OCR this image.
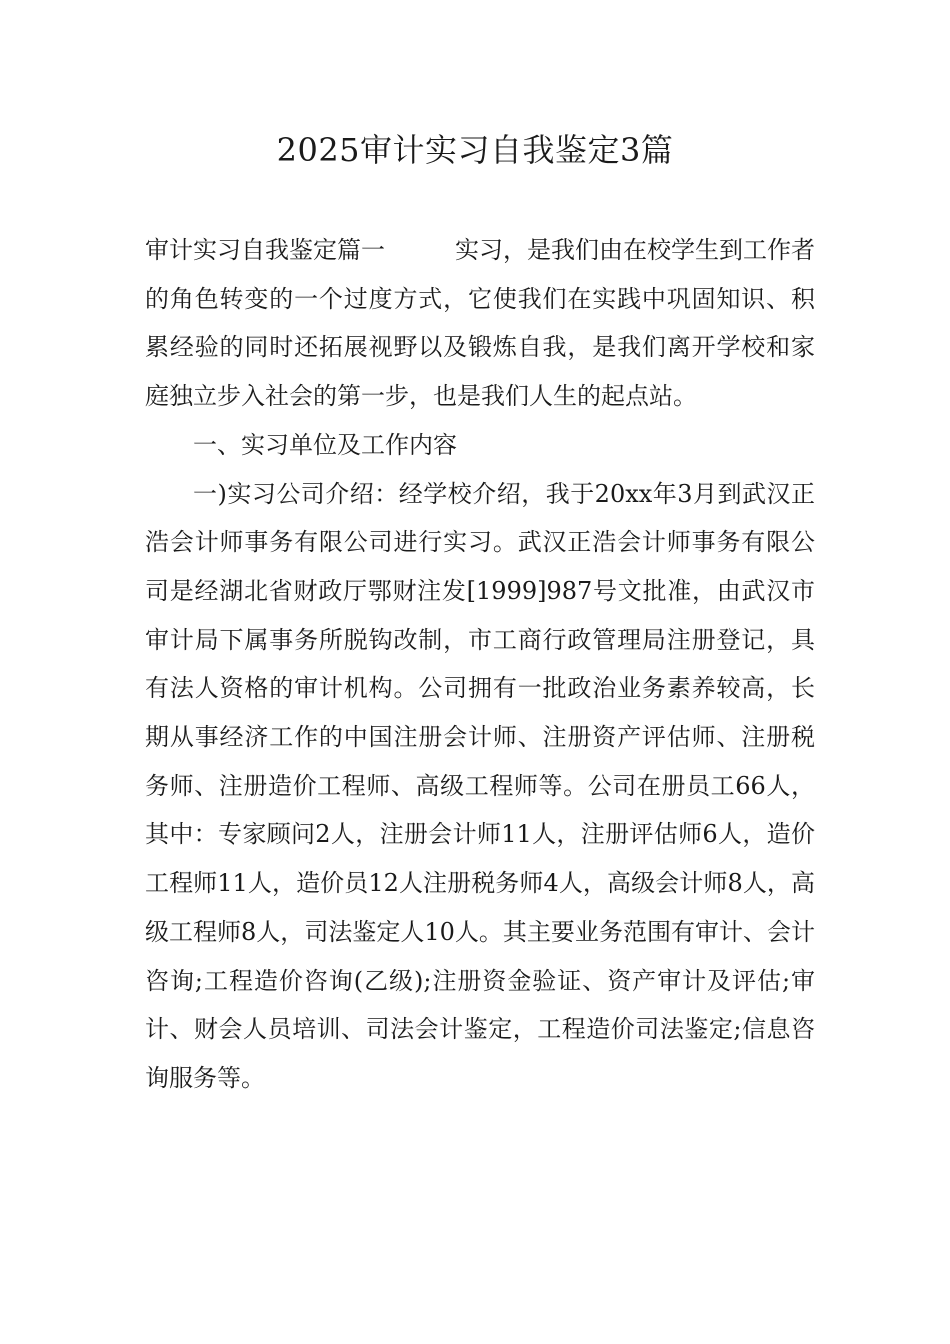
2025审计实习自我鉴定3篇

审计实习自我鉴定篇一	实习，是我们由在校学生到工作者的角色转变的一个过度方式，它使我们在实践中巩固知识、积累经验的同时还拓展视野以及锻炼自我，是我们离开学校和家庭独立步入社会的第一步，也是我们人生的起点站。

一、实习单位及工作内容

一)实习公司介绍：经学校介绍，我于20xx年3月到武汉正浩会计师事务有限公司进行实习。武汉正浩会计师事务有限公司是经湖北省财政厅鄂财注发[1999]987号文批准，由武汉市审计局下属事务所脱钩改制，市工商行政管理局注册登记，具有法人资格的审计机构。公司拥有一批政治业务素养较高，长期从事经济工作的中国注册会计师、注册资产评估师、注册税务师、注册造价工程师、高级工程师等。公司在册员工66人，其中：专家顾问2人，注册会计师11人，注册评估师6人，造价工程师11人，造价员12人注册税务师4人，高级会计师8人，高级工程师8人，司法鉴定人10人。其主要业务范围有审计、会计咨询;工程造价咨询(乙级);注册资金验证、资产审计及评估;审计、财会人员培训、司法会计鉴定，工程造价司法鉴定;信息咨询服务等。
